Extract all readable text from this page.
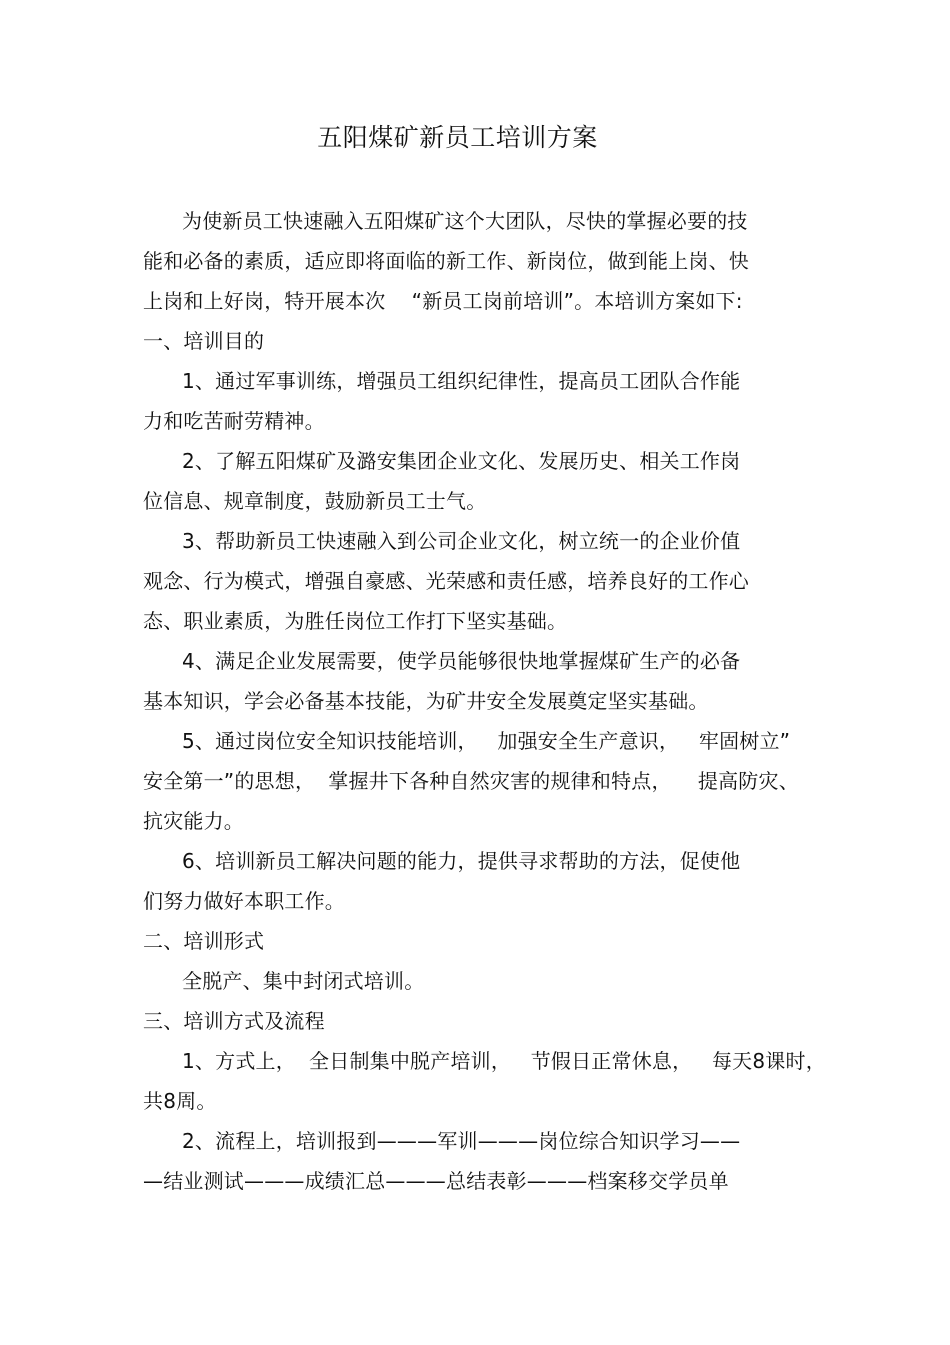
五阳煤矿新员工培训方案
为使新员工快速融入五阳煤矿这个大团队，尽快的掌握必要的技
能和必备的素质，适应即将面临的新工作、新岗位，做到能上岗、快
上岗和上好岗，特开展本次    “新员工岗前培训”。本培训方案如下:
一、培训目的
1、通过军事训练，增强员工组织纪律性，提高员工团队合作能
力和吃苦耐劳精神。
2、了解五阳煤矿及潞安集团企业文化、发展历史、相关工作岗
位信息、规章制度，鼓励新员工士气。
3、帮助新员工快速融入到公司企业文化，树立统一的企业价值
观念、行为模式，增强自豪感、光荣感和责任感，培养良好的工作心
态、职业素质，为胜任岗位工作打下坚实基础。
4、满足企业发展需要，使学员能够很快地掌握煤矿生产的必备
基本知识，学会必备基本技能，为矿井安全发展奠定坚实基础。
5、通过岗位安全知识技能培训，   加强安全生产意识，   牢固树立”
安全第一”的思想，  掌握井下各种自然灾害的规律和特点，    提高防灾、
抗灾能力。
6、培训新员工解决问题的能力，提供寻求帮助的方法，促使他
们努力做好本职工作。
二、培训形式
全脱产、集中封闭式培训。
三、培训方式及流程
1、方式上，  全日制集中脱产培训，   节假日正常休息，   每天8课时，
共8周。
2、流程上，培训报到———军训———岗位综合知识学习——
—结业测试———成绩汇总———总结表彰———档案移交学员单
